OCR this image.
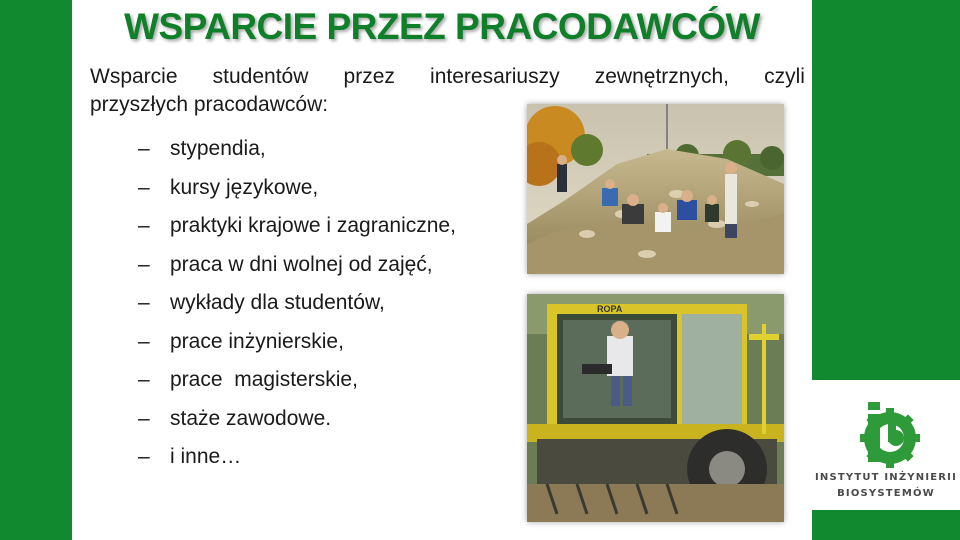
WSPARCIE PRZEZ PRACODAWCÓW
Wsparcie studentów przez interesariuszy zewnętrznych, czyli
przyszłych pracodawców:
– stypendia,
– kursy językowe,
– praktyki krajowe i zagraniczne,
– praca w dni wolnej od zajęć,
– wykłady dla studentów,
– prace inżynierskie,
– prace  magisterskie,
– staże zawodowe.
– i inne…
ROPA
INSTYTUT INŻYNIERII
BIOSYSTEMÓW
